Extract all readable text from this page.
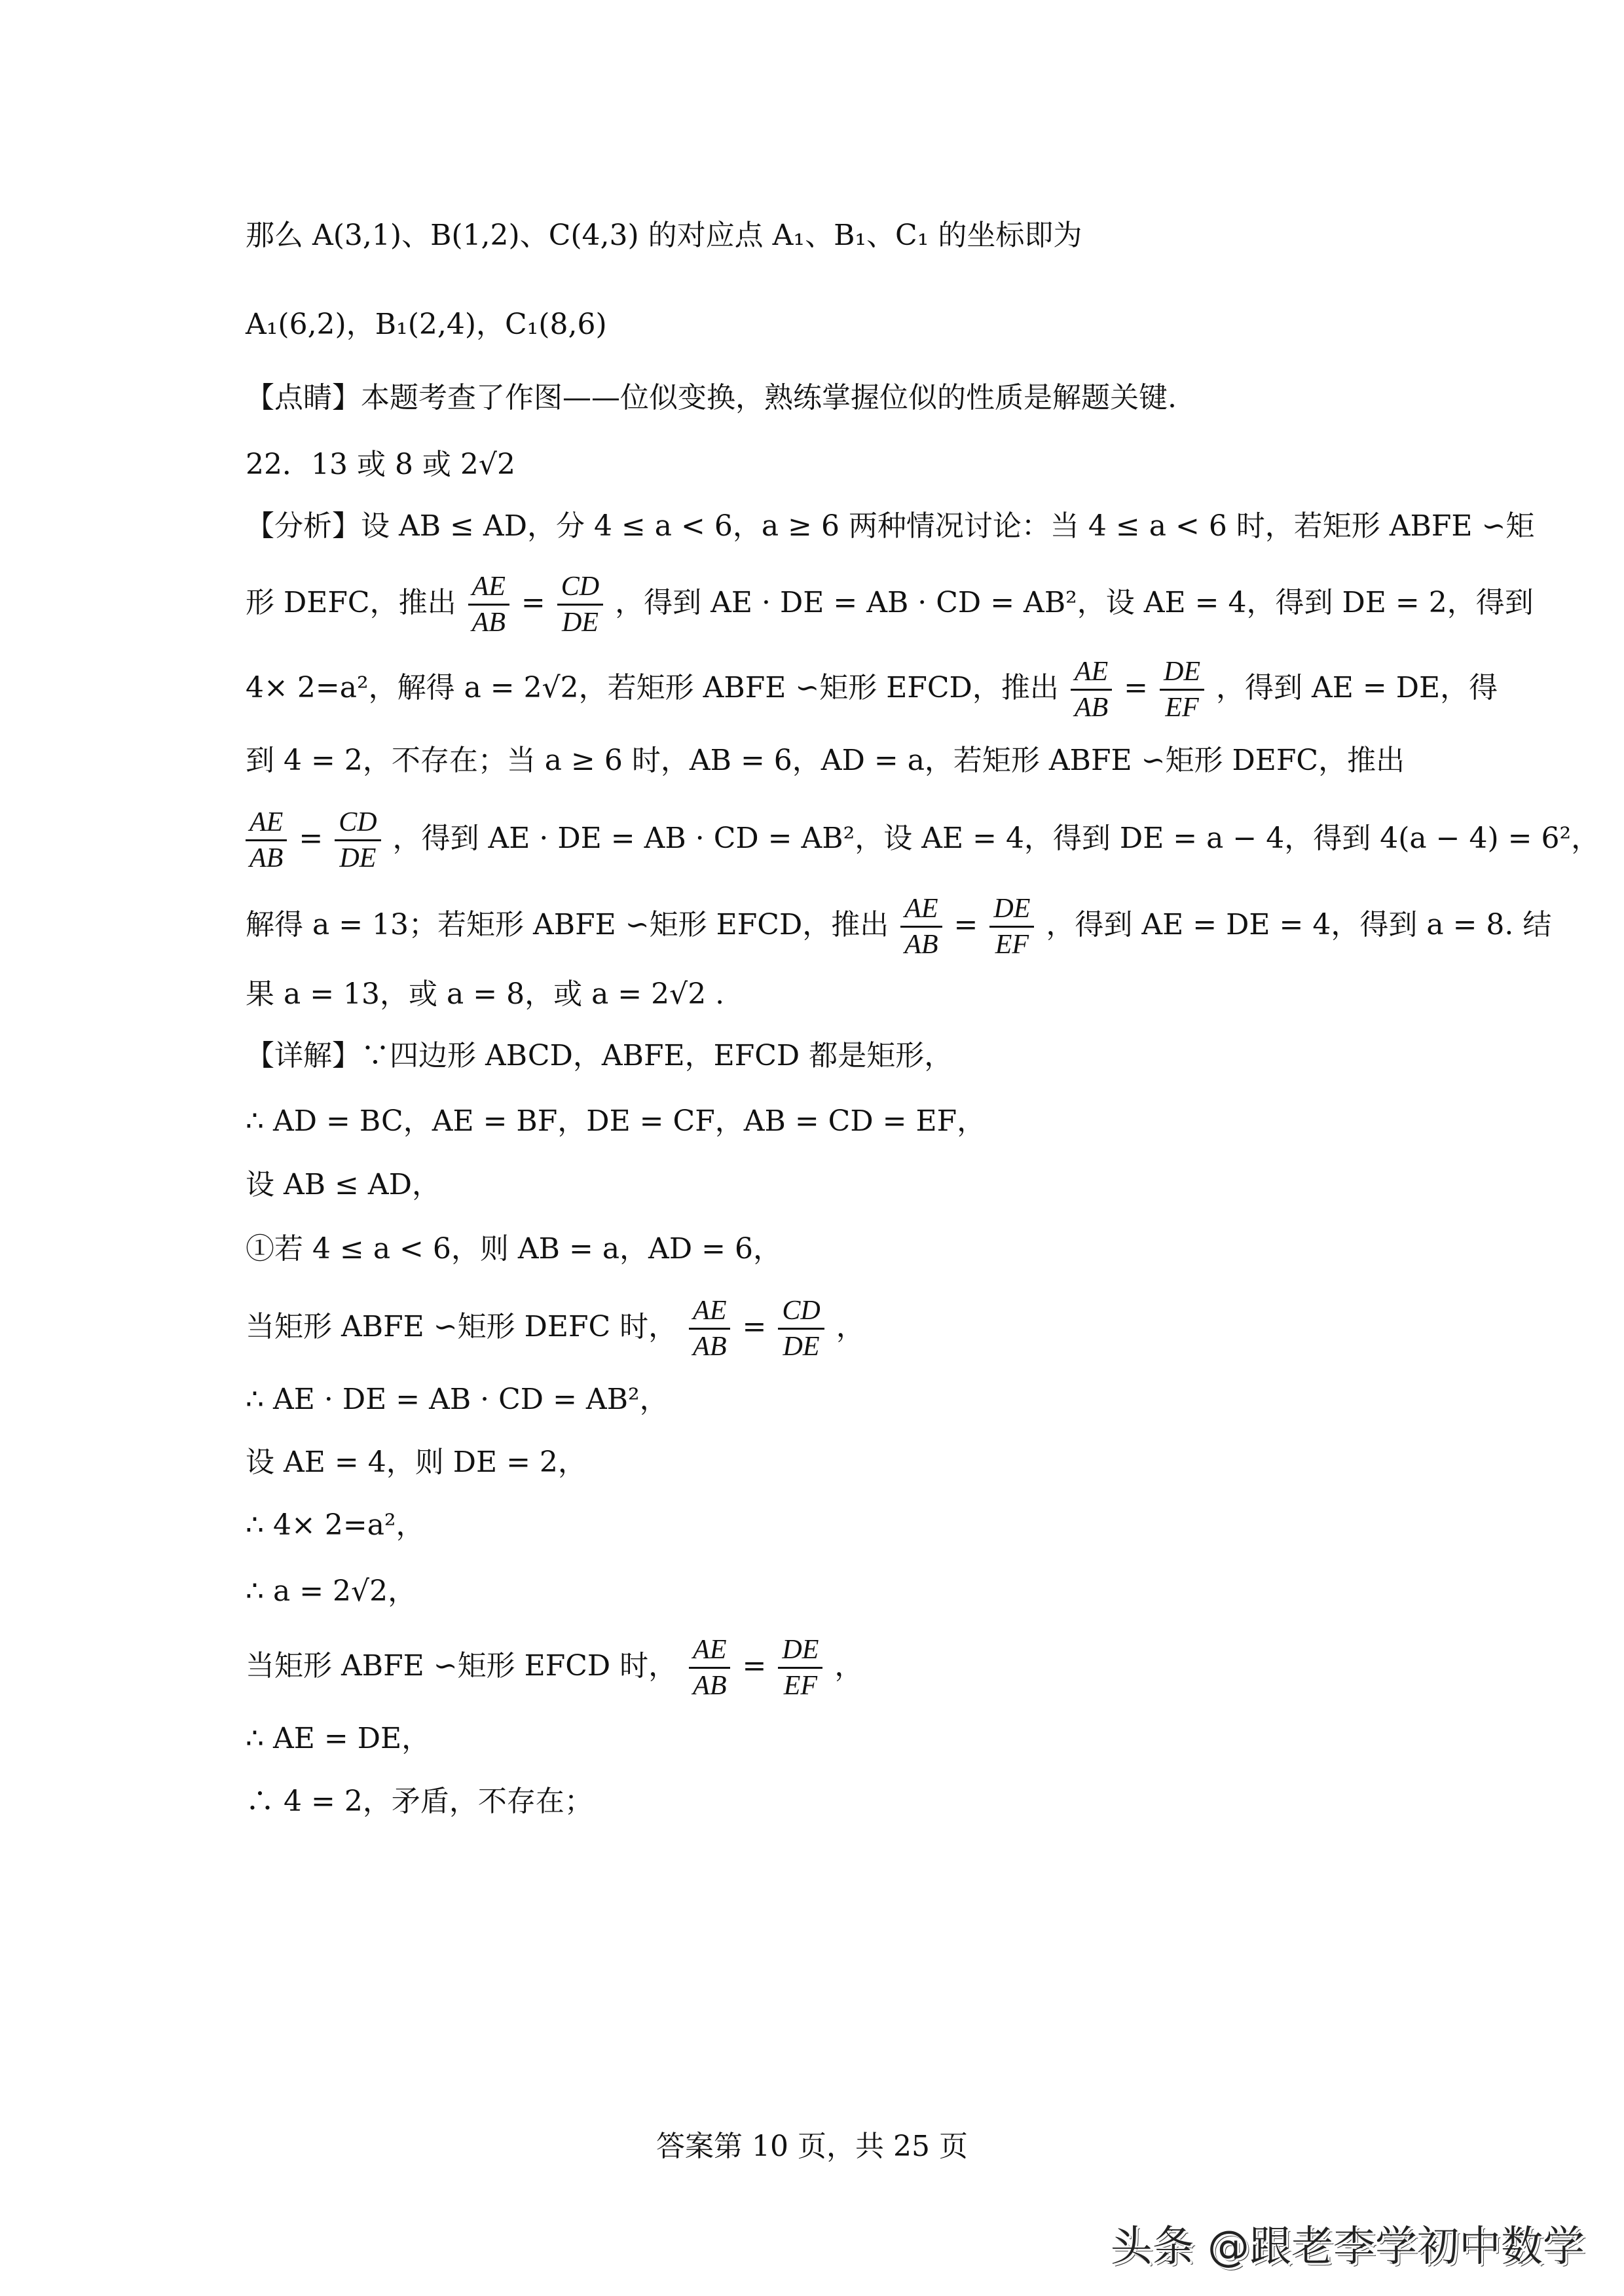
那么 A(3,1)、B(1,2)、C(4,3) 的对应点 A₁、B₁、C₁ 的坐标即为
A₁(6,2)，B₁(2,4)，C₁(8,6)
【点睛】本题考查了作图——位似变换，熟练掌握位似的性质是解题关键.
22．13 或 8 或 2√2
【分析】设 AB ≤ AD，分 4 ≤ a < 6，a ≥ 6 两种情况讨论：当 4 ≤ a < 6 时，若矩形 ABFE ∽矩
形 DEFC，推出 $\frac{AE}{AB} = \frac{CD}{DE}$ ，得到 AE · DE = AB · CD = AB²，设 AE = 4，得到 DE = 2，得到
4× 2=a²，解得 a = 2√2，若矩形 ABFE ∽矩形 EFCD，推出 $\frac{AE}{AB} = \frac{DE}{EF}$ ，得到 AE = DE，得
到 4 = 2，不存在；当 a ≥ 6 时，AB = 6，AD = a，若矩形 ABFE ∽矩形 DEFC，推出
$\frac{AE}{AB} = \frac{CD}{DE}$ ，得到 AE · DE = AB · CD = AB²，设 AE = 4，得到 DE = a − 4，得到 4(a − 4) = 6²，
解得 a = 13；若矩形 ABFE ∽矩形 EFCD，推出 $\frac{AE}{AB} = \frac{DE}{EF}$ ，得到 AE = DE = 4，得到 a = 8. 结
果 a = 13，或 a = 8，或 a = 2√2 .
【详解】∵四边形 ABCD，ABFE，EFCD 都是矩形，
∴ AD = BC，AE = BF，DE = CF，AB = CD = EF，
设 AB ≤ AD，
①若 4 ≤ a < 6，则 AB = a，AD = 6，
当矩形 ABFE ∽矩形 DEFC 时， $\frac{AE}{AB} = \frac{CD}{DE}$ ，
∴ AE · DE = AB · CD = AB²，
设 AE = 4，则 DE = 2，
∴ 4× 2=a²，
∴ a = 2√2，
当矩形 ABFE ∽矩形 EFCD 时， $\frac{AE}{AB} = \frac{DE}{EF}$ ，
∴ AE = DE，
∴ 4 = 2，矛盾，不存在；
答案第 10 页，共 25 页
头条 @跟老李学初中数学
